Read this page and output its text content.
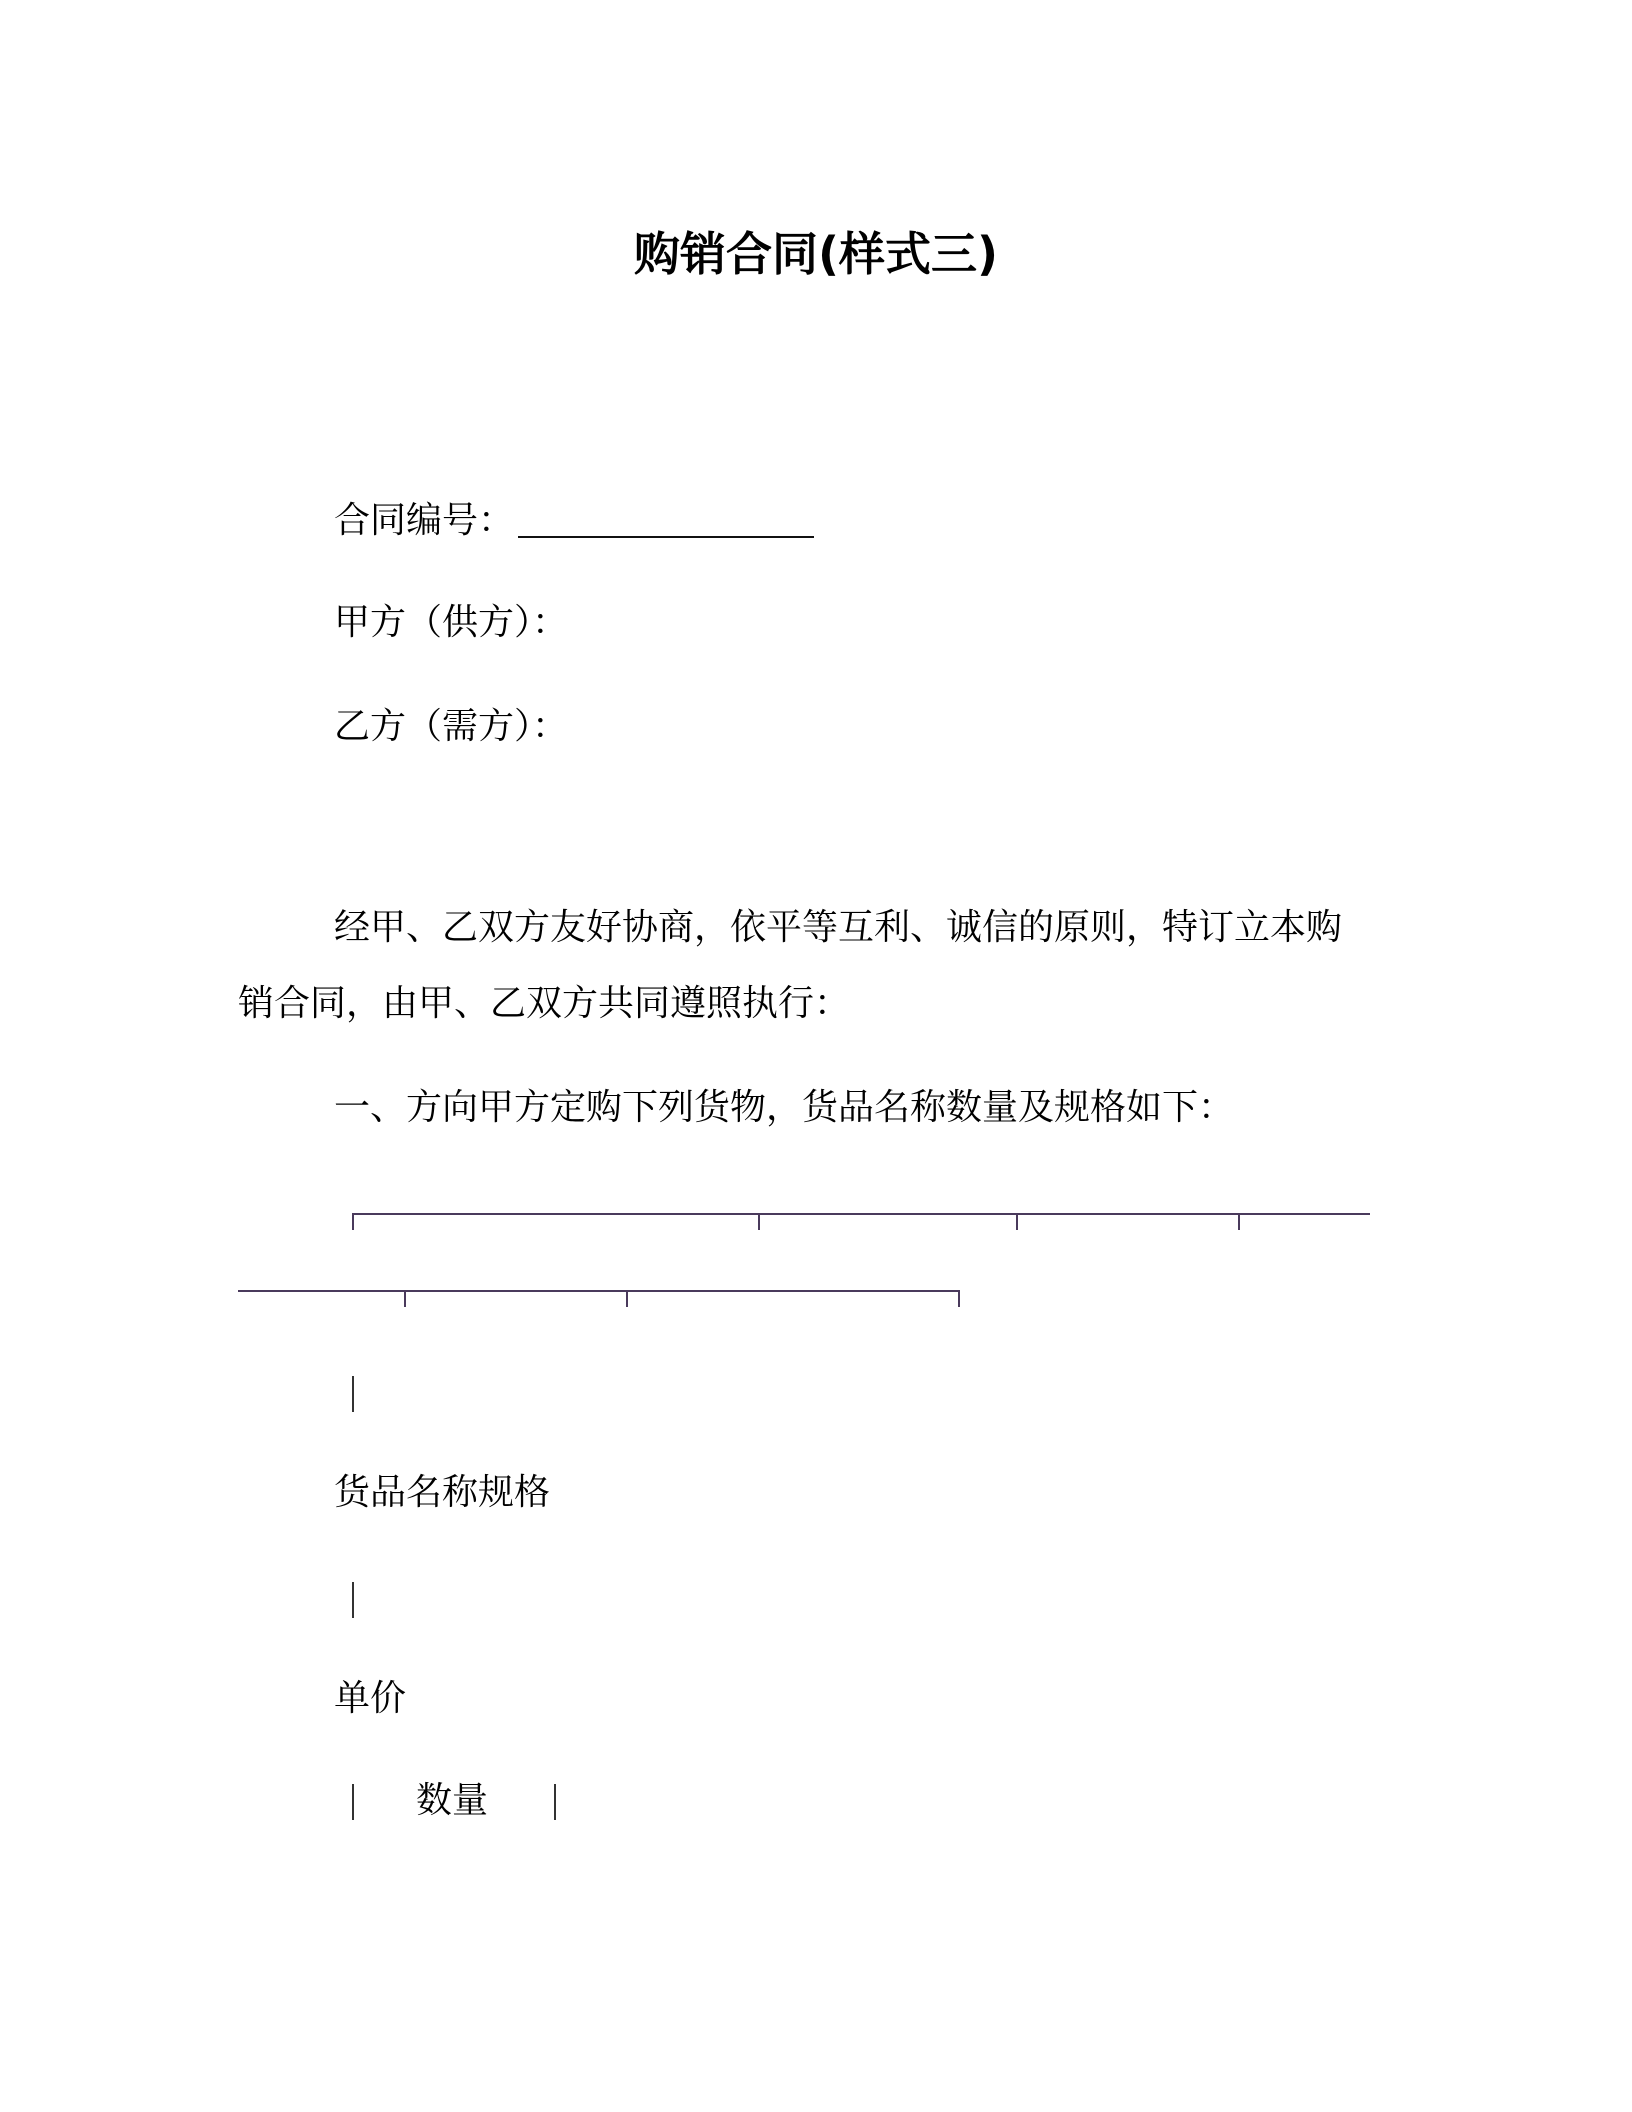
购销合同(样式三)
合同编号：
甲方（供方）：
乙方（需方）：
经甲、乙双方友好协商，依平等互利、诚信的原则，特订立本购
销合同，由甲、乙双方共同遵照执行：
一、方向甲方定购下列货物，货品名称数量及规格如下：
货品名称规格
单价
数量
